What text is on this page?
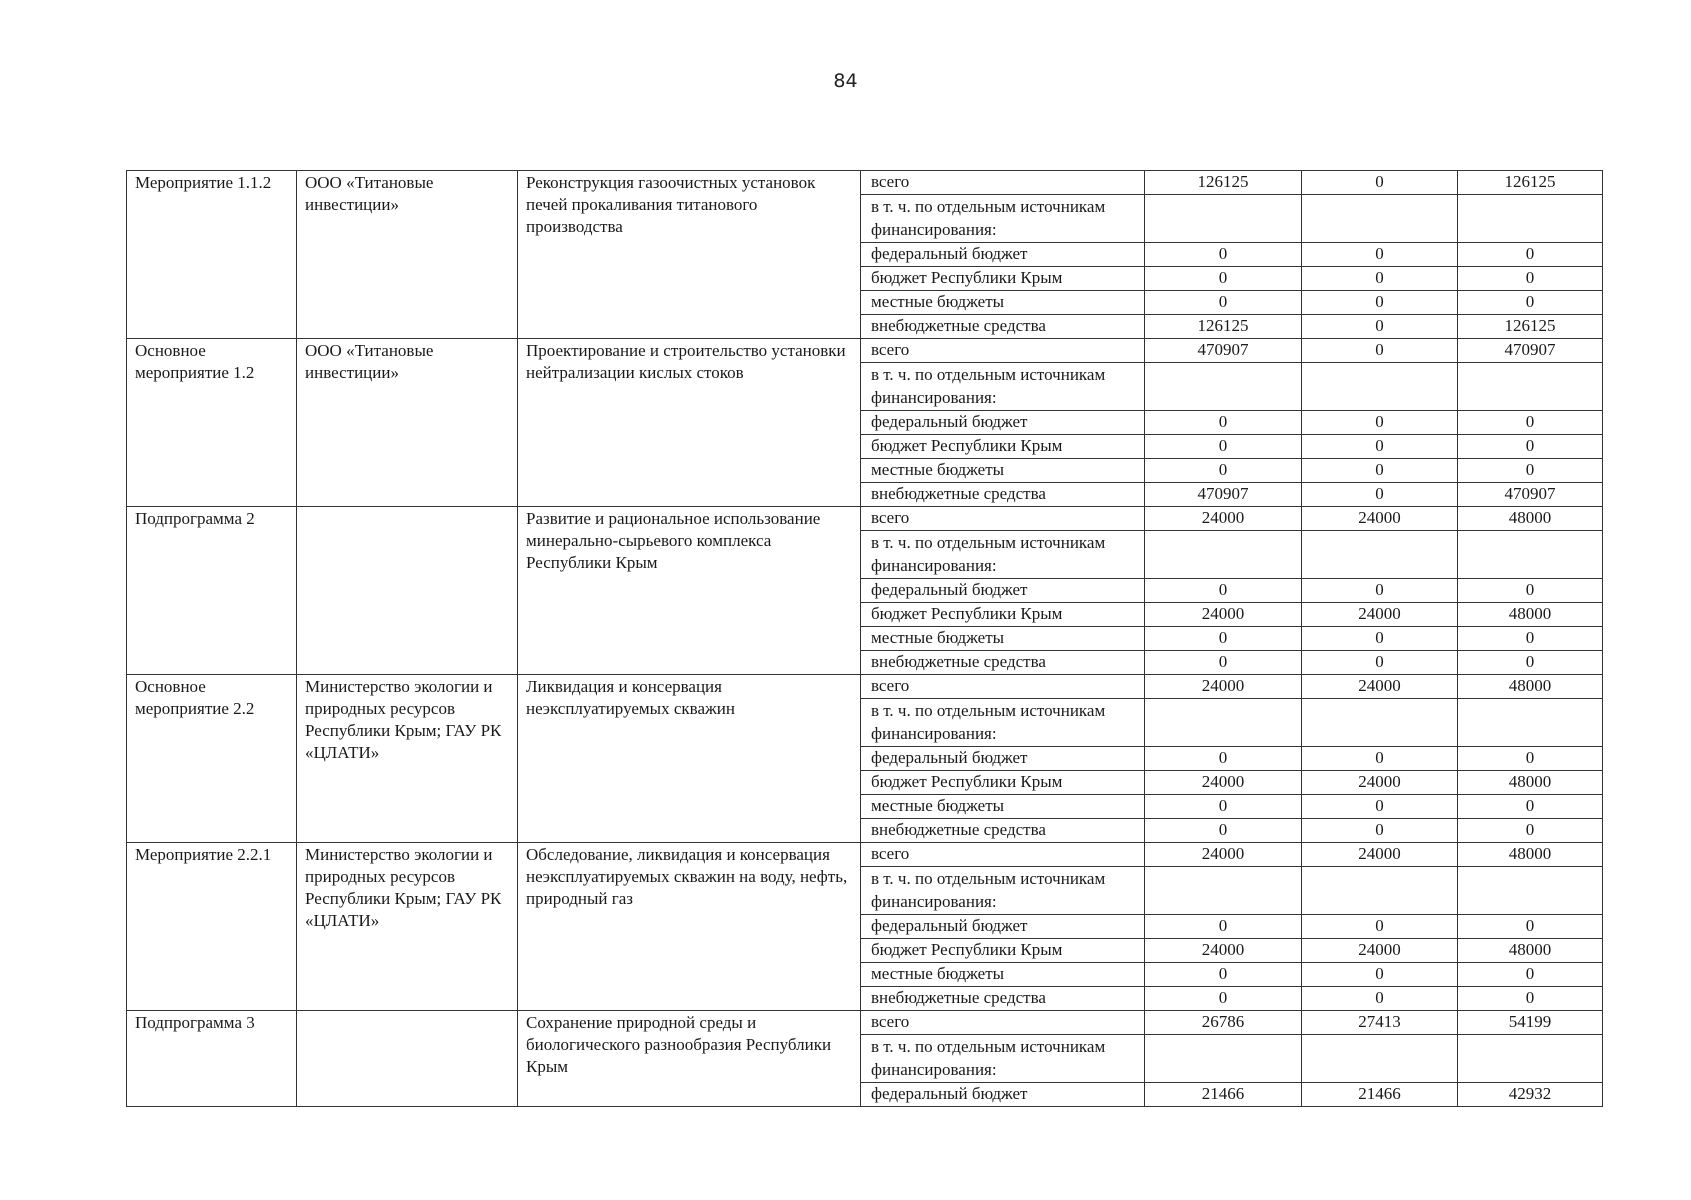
84
Мероприятие 1.1.2	ООО «Титановые инвестиции»	Реконструкция газоочистных установок печей прокаливания титанового производства	всего	126125	0	126125
			в т. ч. по отдельным источникам финансирования:			
			федеральный бюджет	0	0	0
			бюджет Республики Крым	0	0	0
			местные бюджеты	0	0	0
			внебюджетные средства	126125	0	126125
Основное мероприятие 1.2	ООО «Титановые инвестиции»	Проектирование и строительство установки нейтрализации кислых стоков	всего	470907	0	470907
			в т. ч. по отдельным источникам финансирования:			
			федеральный бюджет	0	0	0
			бюджет Республики Крым	0	0	0
			местные бюджеты	0	0	0
			внебюджетные средства	470907	0	470907
Подпрограмма 2		Развитие и рациональное использование минерально-сырьевого комплекса Республики Крым	всего	24000	24000	48000
			в т. ч. по отдельным источникам финансирования:			
			федеральный бюджет	0	0	0
			бюджет Республики Крым	24000	24000	48000
			местные бюджеты	0	0	0
			внебюджетные средства	0	0	0
Основное мероприятие 2.2	Министерство экологии и природных ресурсов Республики Крым; ГАУ РК «ЦЛАТИ»	Ликвидация и консервация неэксплуатируемых скважин	всего	24000	24000	48000
			в т. ч. по отдельным источникам финансирования:			
			федеральный бюджет	0	0	0
			бюджет Республики Крым	24000	24000	48000
			местные бюджеты	0	0	0
			внебюджетные средства	0	0	0
Мероприятие 2.2.1	Министерство экологии и природных ресурсов Республики Крым; ГАУ РК «ЦЛАТИ»	Обследование, ликвидация и консервация неэксплуатируемых скважин на воду, нефть, природный газ	всего	24000	24000	48000
			в т. ч. по отдельным источникам финансирования:			
			федеральный бюджет	0	0	0
			бюджет Республики Крым	24000	24000	48000
			местные бюджеты	0	0	0
			внебюджетные средства	0	0	0
Подпрограмма 3		Сохранение природной среды и биологического разнообразия Республики Крым	всего	26786	27413	54199
			в т. ч. по отдельным источникам финансирования:			
			федеральный бюджет	21466	21466	42932
